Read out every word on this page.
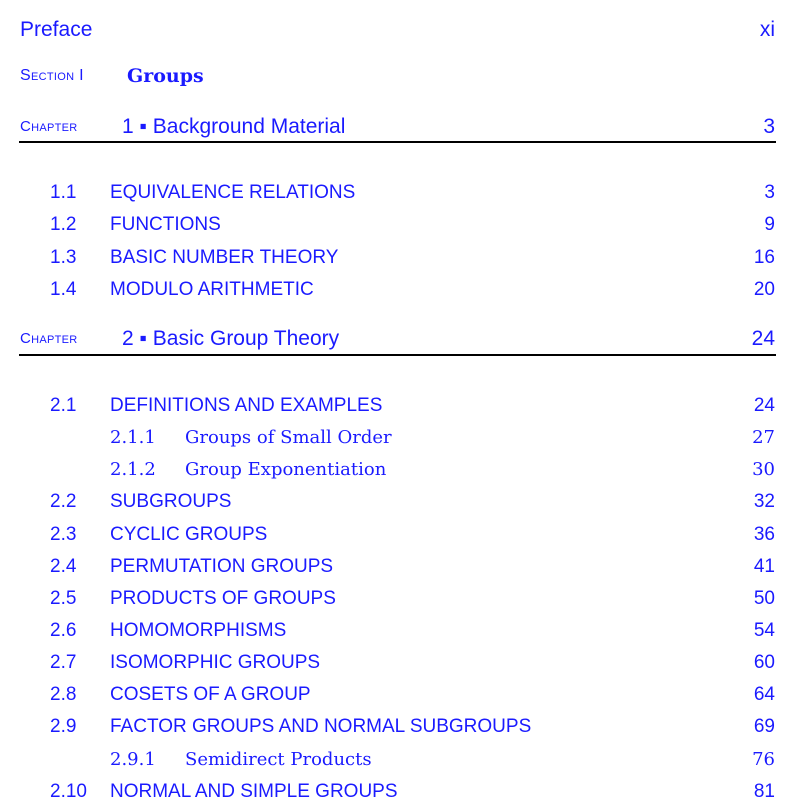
Preface	xi
Section I Groups
Chapter 1 ▪ Background Material	3
1.1 EQUIVALENCE RELATIONS	3
1.2 FUNCTIONS	9
1.3 BASIC NUMBER THEORY	16
1.4 MODULO ARITHMETIC	20
Chapter 2 ▪ Basic Group Theory	24
2.1 DEFINITIONS AND EXAMPLES	24
2.1.1 Groups of Small Order	27
2.1.2 Group Exponentiation	30
2.2 SUBGROUPS	32
2.3 CYCLIC GROUPS	36
2.4 PERMUTATION GROUPS	41
2.5 PRODUCTS OF GROUPS	50
2.6 HOMOMORPHISMS	54
2.7 ISOMORPHIC GROUPS	60
2.8 COSETS OF A GROUP	64
2.9 FACTOR GROUPS AND NORMAL SUBGROUPS	69
2.9.1 Semidirect Products	76
2.10 NORMAL AND SIMPLE GROUPS	81
